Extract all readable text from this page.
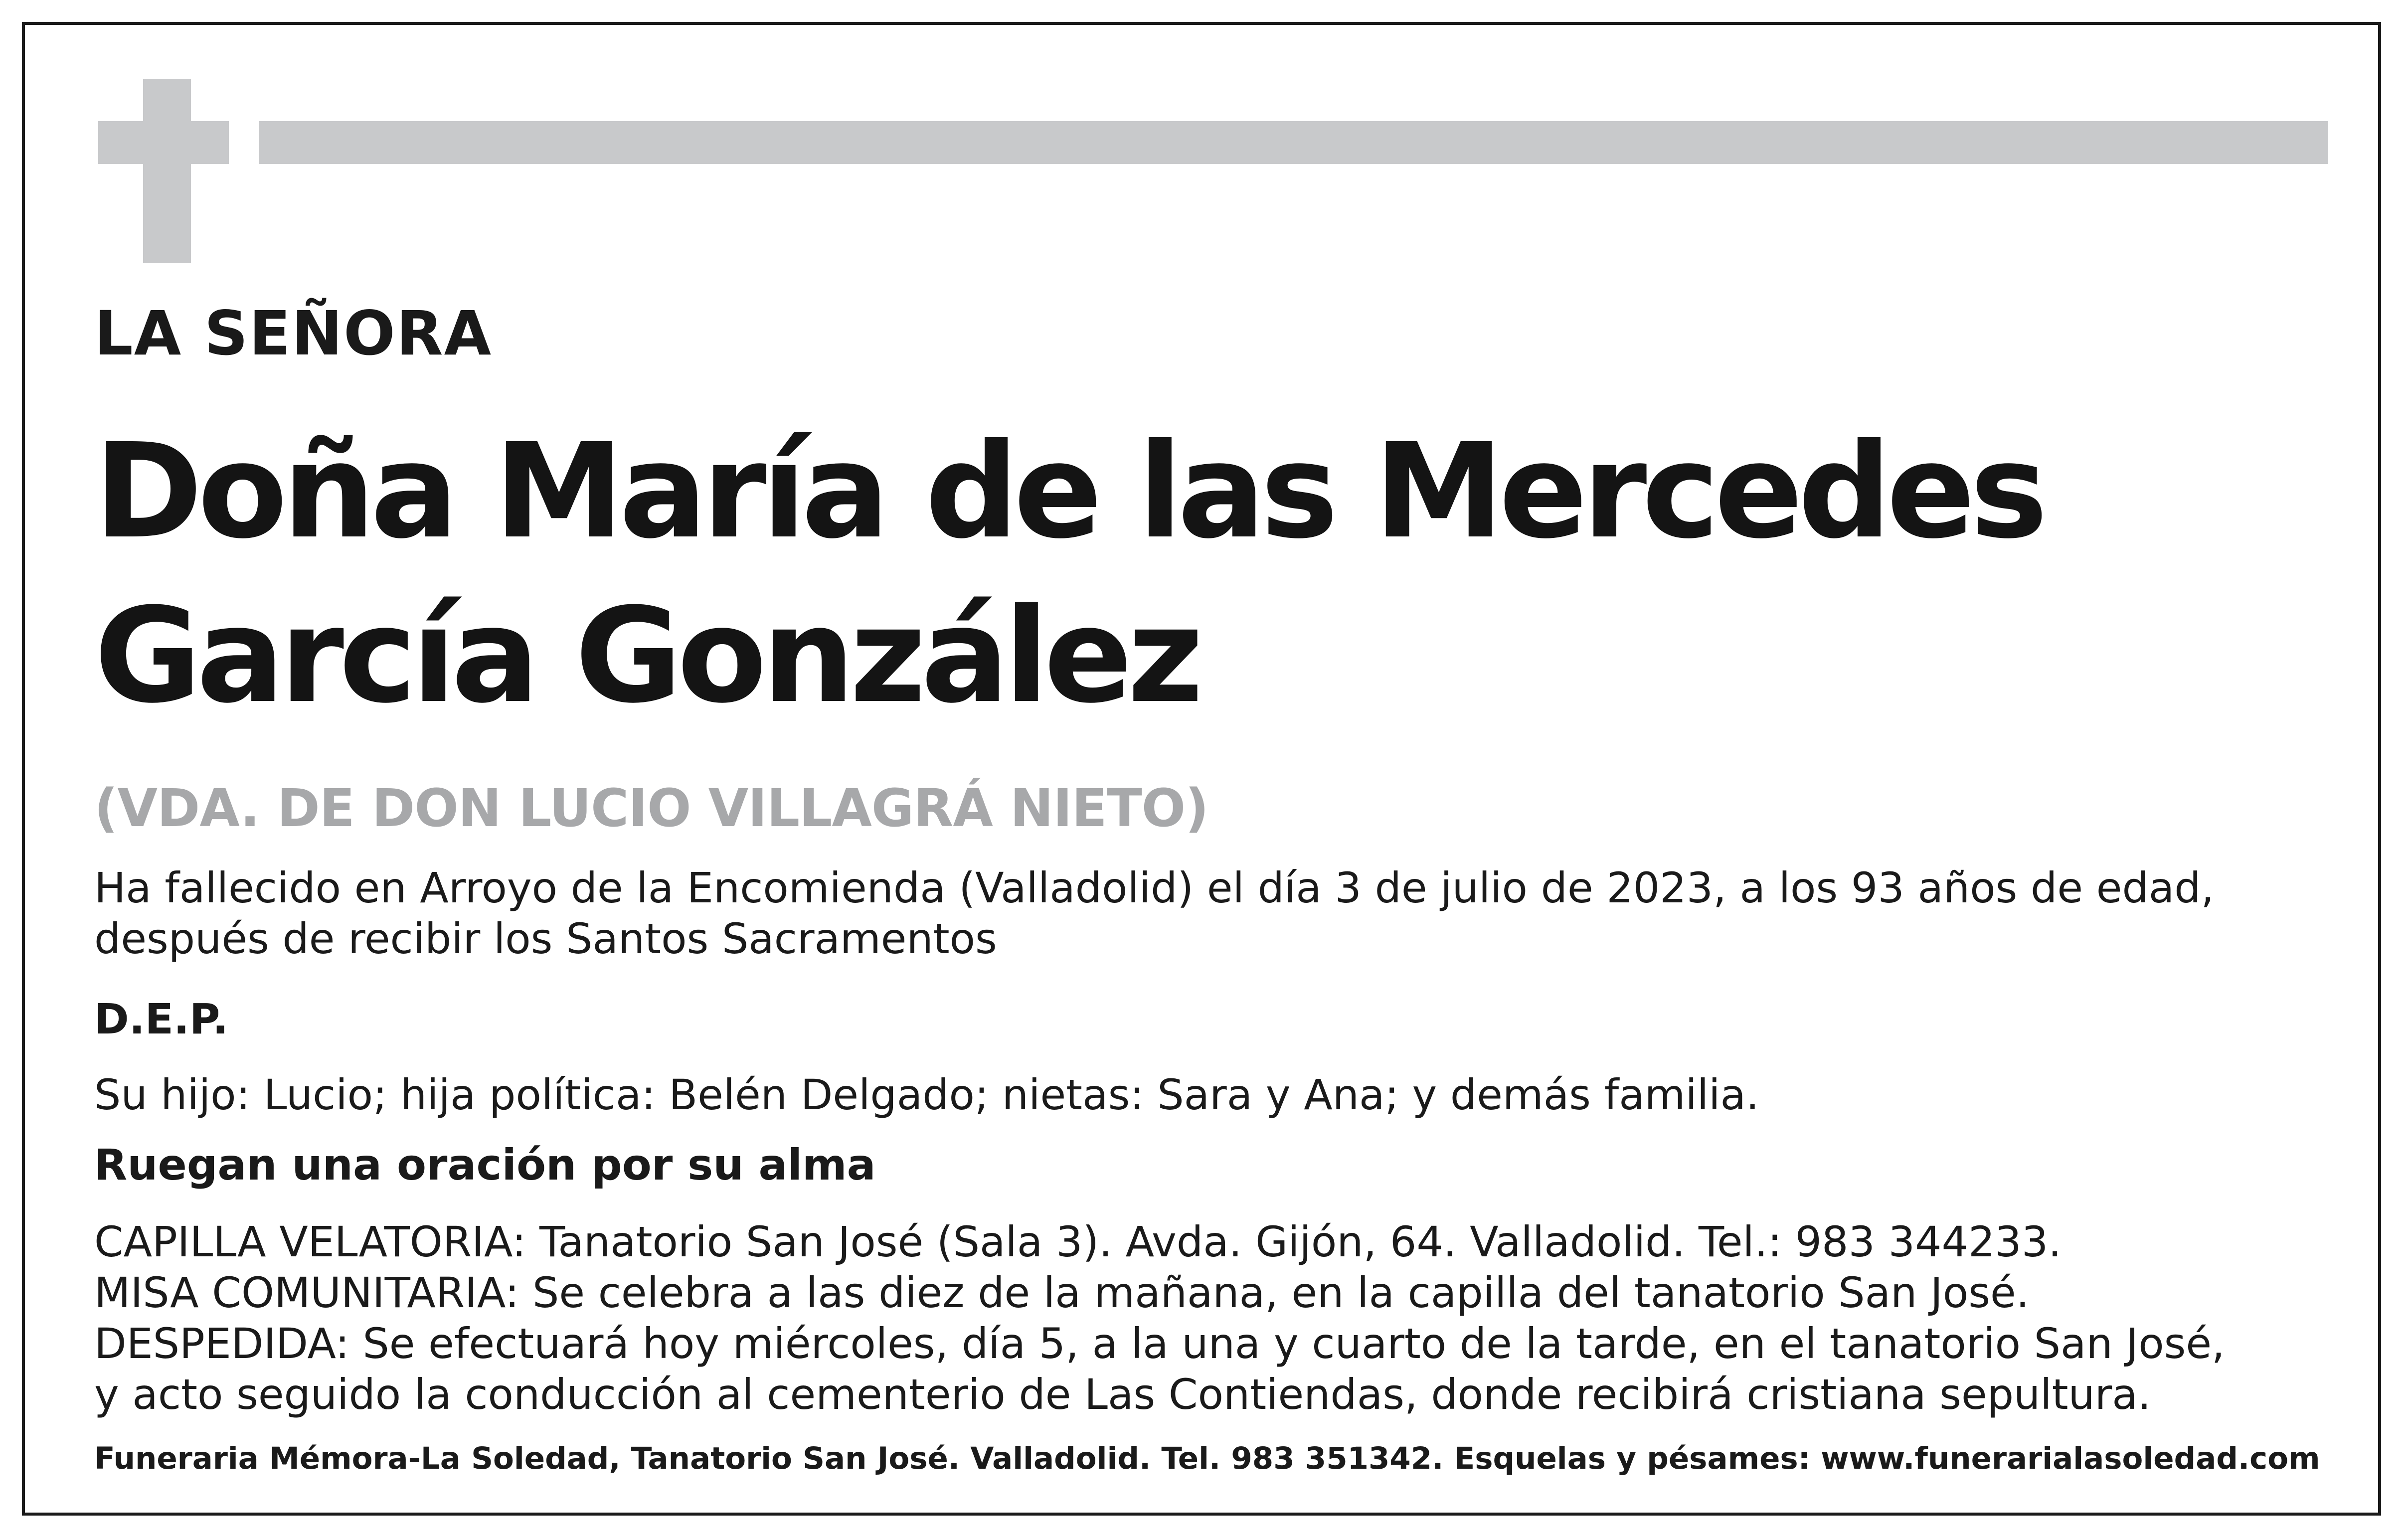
LA SEÑORA

Doña María de las Mercedes

García González

(VDA. DE DON LUCIO VILLAGRÁ NIETO)

Ha fallecido en Arroyo de la Encomienda (Valladolid) el día 3 de julio de 2023, a los 93 años de edad,

después de recibir los Santos Sacramentos

D.E.P.

Su hijo: Lucio; hija política: Belén Delgado; nietas: Sara y Ana; y demás familia.

Ruegan una oración por su alma

CAPILLA VELATORIA: Tanatorio San José (Sala 3). Avda. Gijón, 64. Valladolid. Tel.: 983 344233.

MISA COMUNITARIA: Se celebra a las diez de la mañana, en la capilla del tanatorio San José.

DESPEDIDA: Se efectuará hoy miércoles, día 5, a la una y cuarto de la tarde, en el tanatorio San José,

y acto seguido la conducción al cementerio de Las Contiendas, donde recibirá cristiana sepultura.

Funeraria Mémora-La Soledad, Tanatorio San José. Valladolid. Tel. 983 351342. Esquelas y pésames: www.funerarialasoledad.com
